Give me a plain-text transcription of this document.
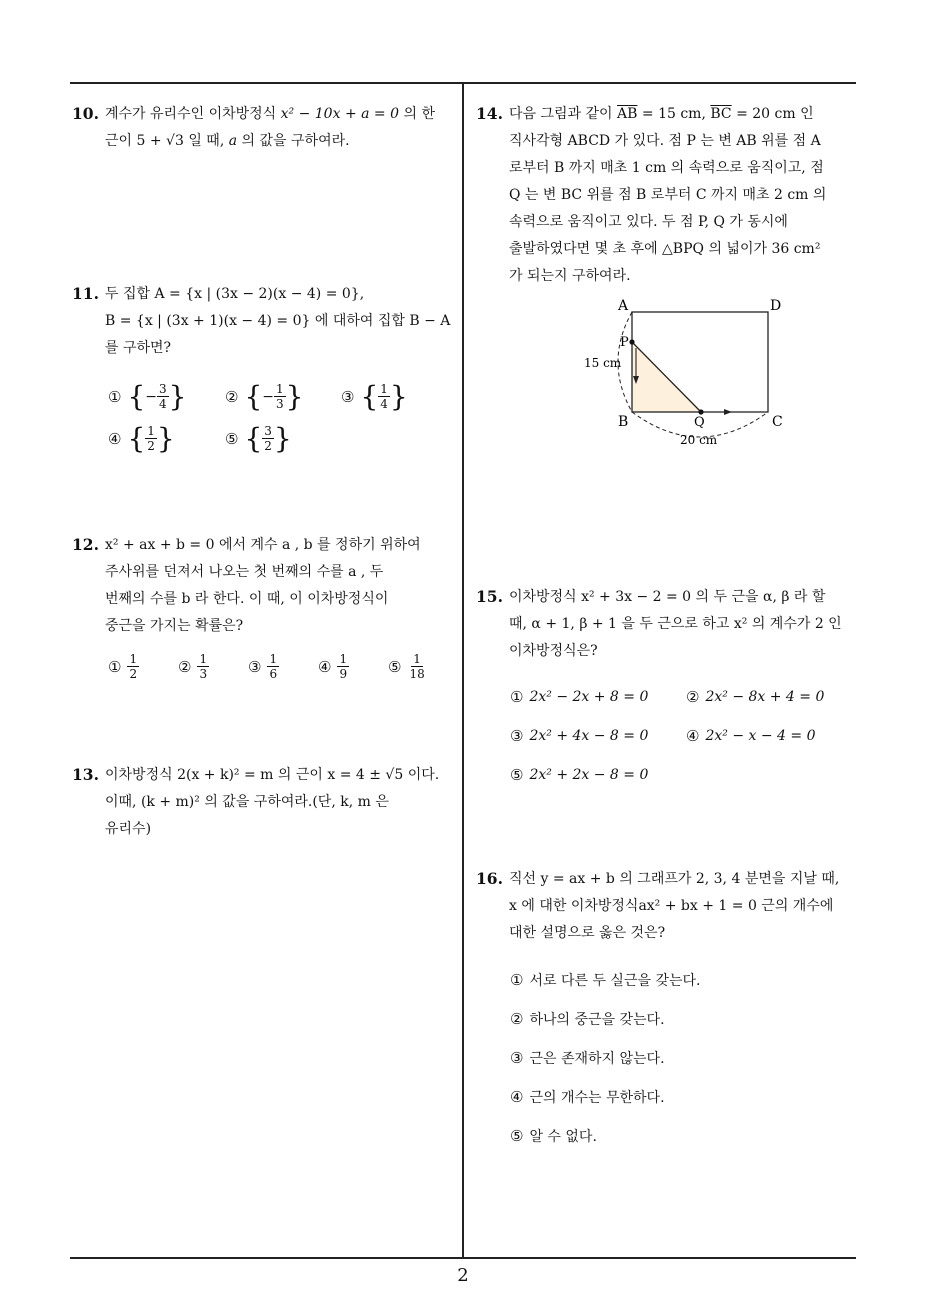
10. 계수가 유리수인 이차방정식 x² − 10x + a = 0 의 한
근이 5 + √3 일 때, a 의 값을 구하여라.
11. 두 집합 A = {x | (3x − 2)(x − 4) = 0},
B = {x | (3x + 1)(x − 4) = 0} 에 대하여 집합 B − A
를 구하면?
① { − $\frac{3}{4}$ }	② { − $\frac{1}{3}$ }	③ { $\frac{1}{4}$ }
④ { $\frac{1}{2}$ }	⑤ { $\frac{3}{2}$ }
12. x² + ax + b = 0 에서 계수 a , b 를 정하기 위하여
주사위를 던져서 나오는 첫 번째의 수를 a , 두
번째의 수를 b 라 한다. 이 때, 이 이차방정식이
중근을 가지는 확률은?
① $\frac{1}{2}$	② $\frac{1}{3}$	③ $\frac{1}{6}$	④ $\frac{1}{9}$	⑤ $\frac{1}{18}$
13. 이차방정식 2(x + k)² = m 의 근이 x = 4 ± √5 이다.
이때, (k + m)² 의 값을 구하여라.(단, k, m 은
유리수)
14. 다음 그림과 같이 $\overline{AB} = 15$ cm, $\overline{BC} = 20$ cm 인
직사각형 ABCD 가 있다. 점 P 는 변 AB 위를 점 A
로부터 B 까지 매초 1 cm 의 속력으로 움직이고, 점
Q 는 변 BC 위를 점 B 로부터 C 까지 매초 2 cm 의
속력으로 움직이고 있다. 두 점 P, Q 가 동시에
출발하였다면 몇 초 후에 △BPQ 의 넓이가 36 cm²
가 되는지 구하여라.
A	D
B	C
P
Q
15 cm
20 cm
15. 이차방정식 x² + 3x − 2 = 0 의 두 근을 α, β 라 할
때, α + 1, β + 1 을 두 근으로 하고 x² 의 계수가 2 인
이차방정식은?
① 2x² − 2x + 8 = 0	② 2x² − 8x + 4 = 0
③ 2x² + 4x − 8 = 0	④ 2x² − x − 4 = 0
⑤ 2x² + 2x − 8 = 0
16. 직선 y = ax + b 의 그래프가 2, 3, 4 분면을 지날 때,
x 에 대한 이차방정식ax² + bx + 1 = 0 근의 개수에
대한 설명으로 옳은 것은?
① 서로 다른 두 실근을 갖는다.
② 하나의 중근을 갖는다.
③ 근은 존재하지 않는다.
④ 근의 개수는 무한하다.
⑤ 알 수 없다.
2
